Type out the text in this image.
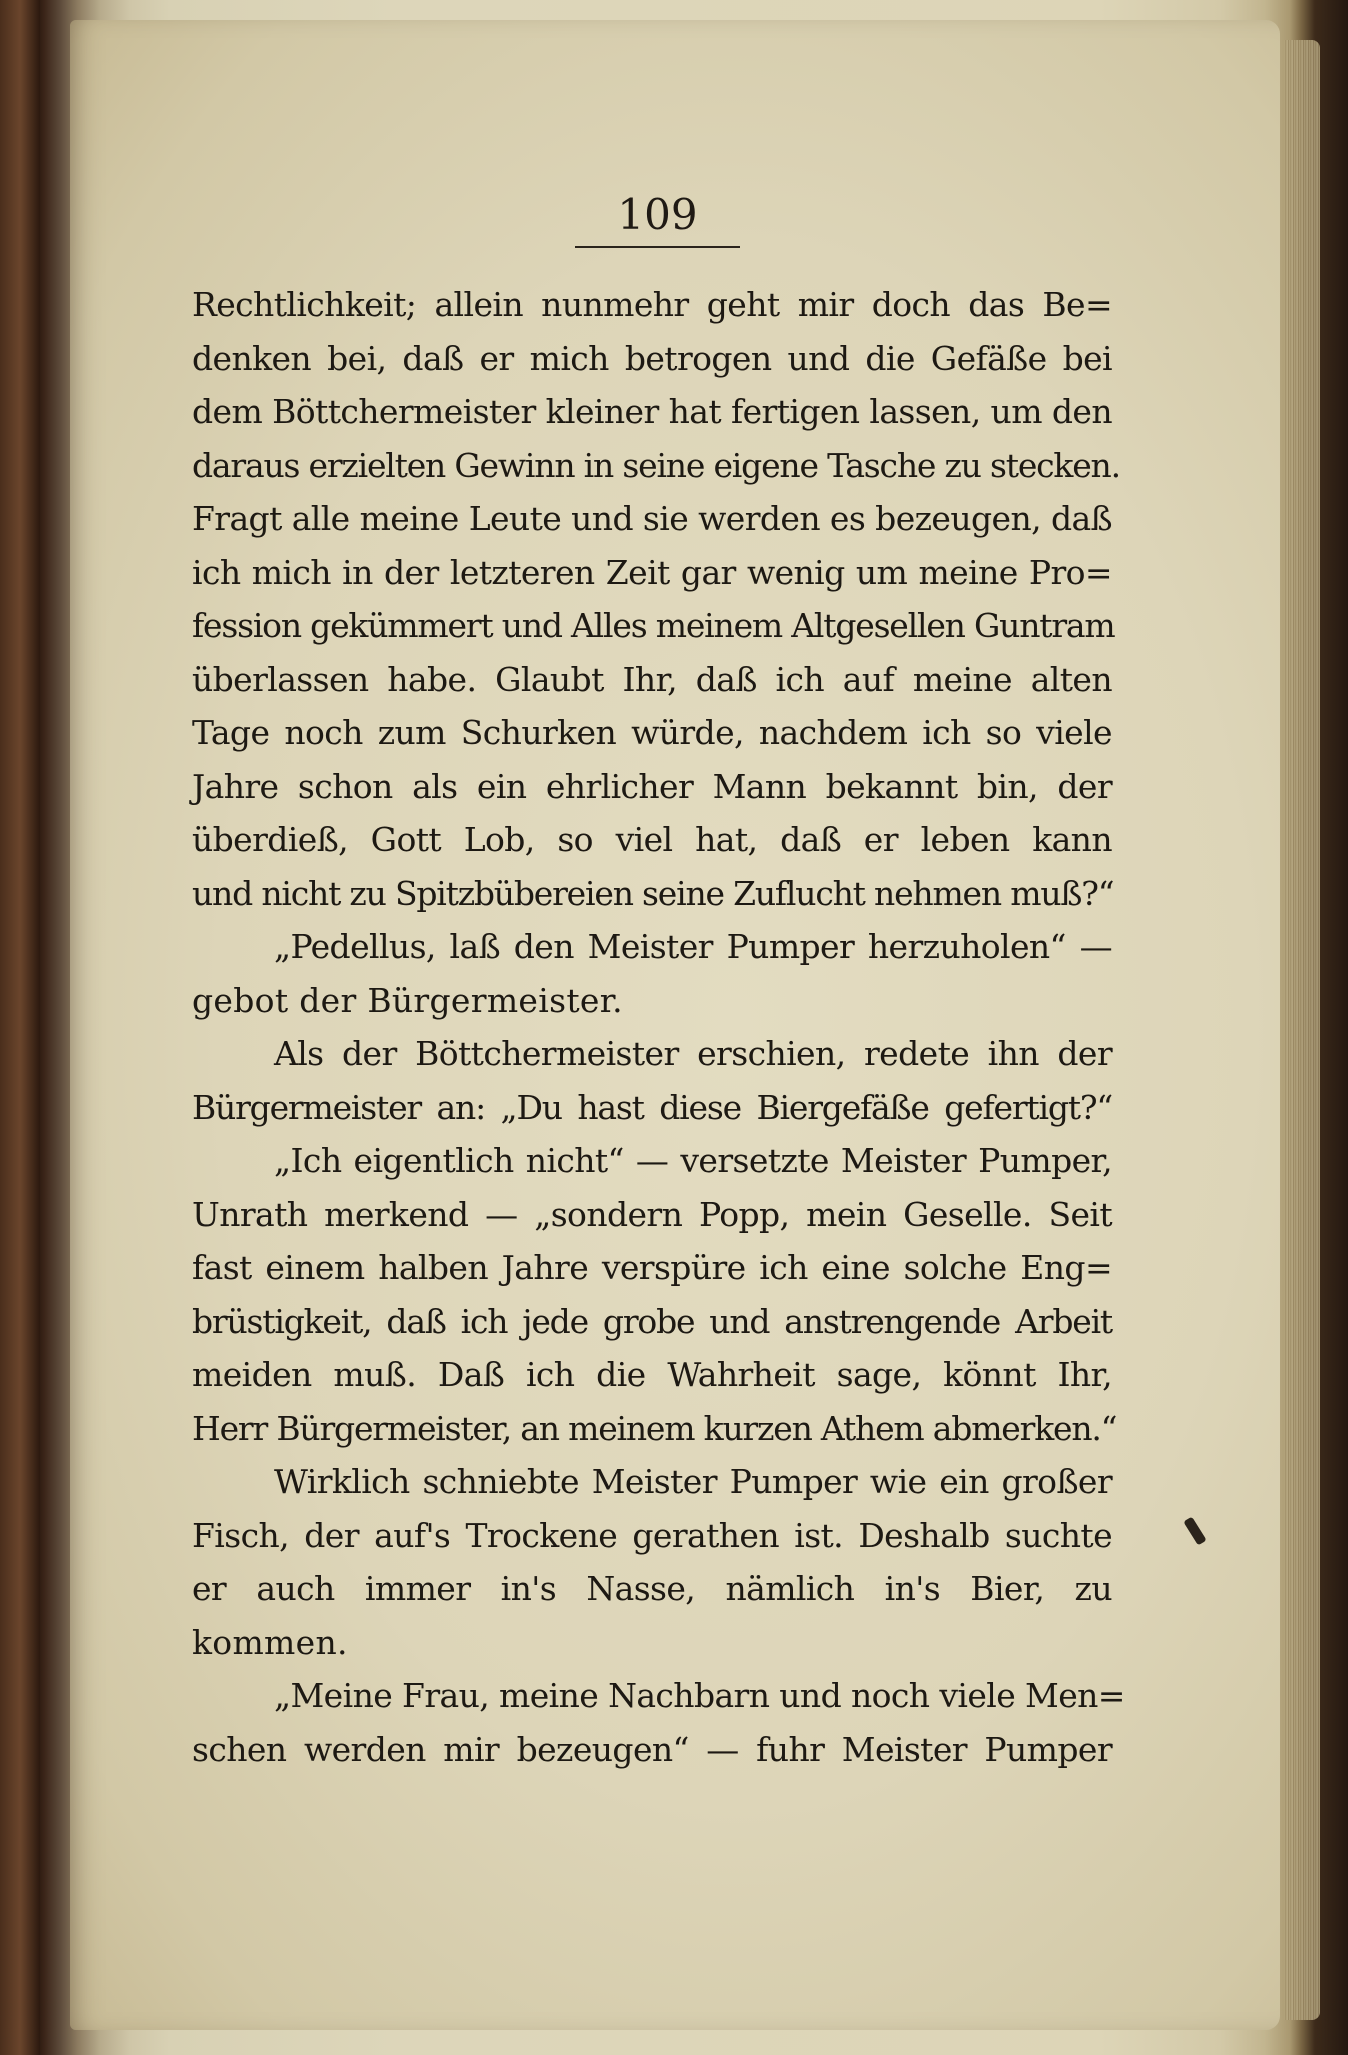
109
Rechtlichkeit; allein nunmehr geht mir doch das Be=
denken bei, daß er mich betrogen und die Gefäße bei
dem Böttchermeister kleiner hat fertigen lassen, um den
daraus erzielten Gewinn in seine eigene Tasche zu stecken.
Fragt alle meine Leute und sie werden es bezeugen, daß
ich mich in der letzteren Zeit gar wenig um meine Pro=
fession gekümmert und Alles meinem Altgesellen Guntram
überlassen habe. Glaubt Ihr, daß ich auf meine alten
Tage noch zum Schurken würde, nachdem ich so viele
Jahre schon als ein ehrlicher Mann bekannt bin, der
überdieß, Gott Lob, so viel hat, daß er leben kann
und nicht zu Spitzbübereien seine Zuflucht nehmen muß?“
„Pedellus, laß den Meister Pumper herzuholen“ —
gebot der Bürgermeister.
Als der Böttchermeister erschien, redete ihn der
Bürgermeister an: „Du hast diese Biergefäße gefertigt?“
„Ich eigentlich nicht“ — versetzte Meister Pumper,
Unrath merkend — „sondern Popp, mein Geselle. Seit
fast einem halben Jahre verspüre ich eine solche Eng=
brüstigkeit, daß ich jede grobe und anstrengende Arbeit
meiden muß. Daß ich die Wahrheit sage, könnt Ihr,
Herr Bürgermeister, an meinem kurzen Athem abmerken.“
Wirklich schniebte Meister Pumper wie ein großer
Fisch, der auf's Trockene gerathen ist. Deshalb suchte
er auch immer in's Nasse, nämlich in's Bier, zu
kommen.
„Meine Frau, meine Nachbarn und noch viele Men=
schen werden mir bezeugen“ — fuhr Meister Pumper
